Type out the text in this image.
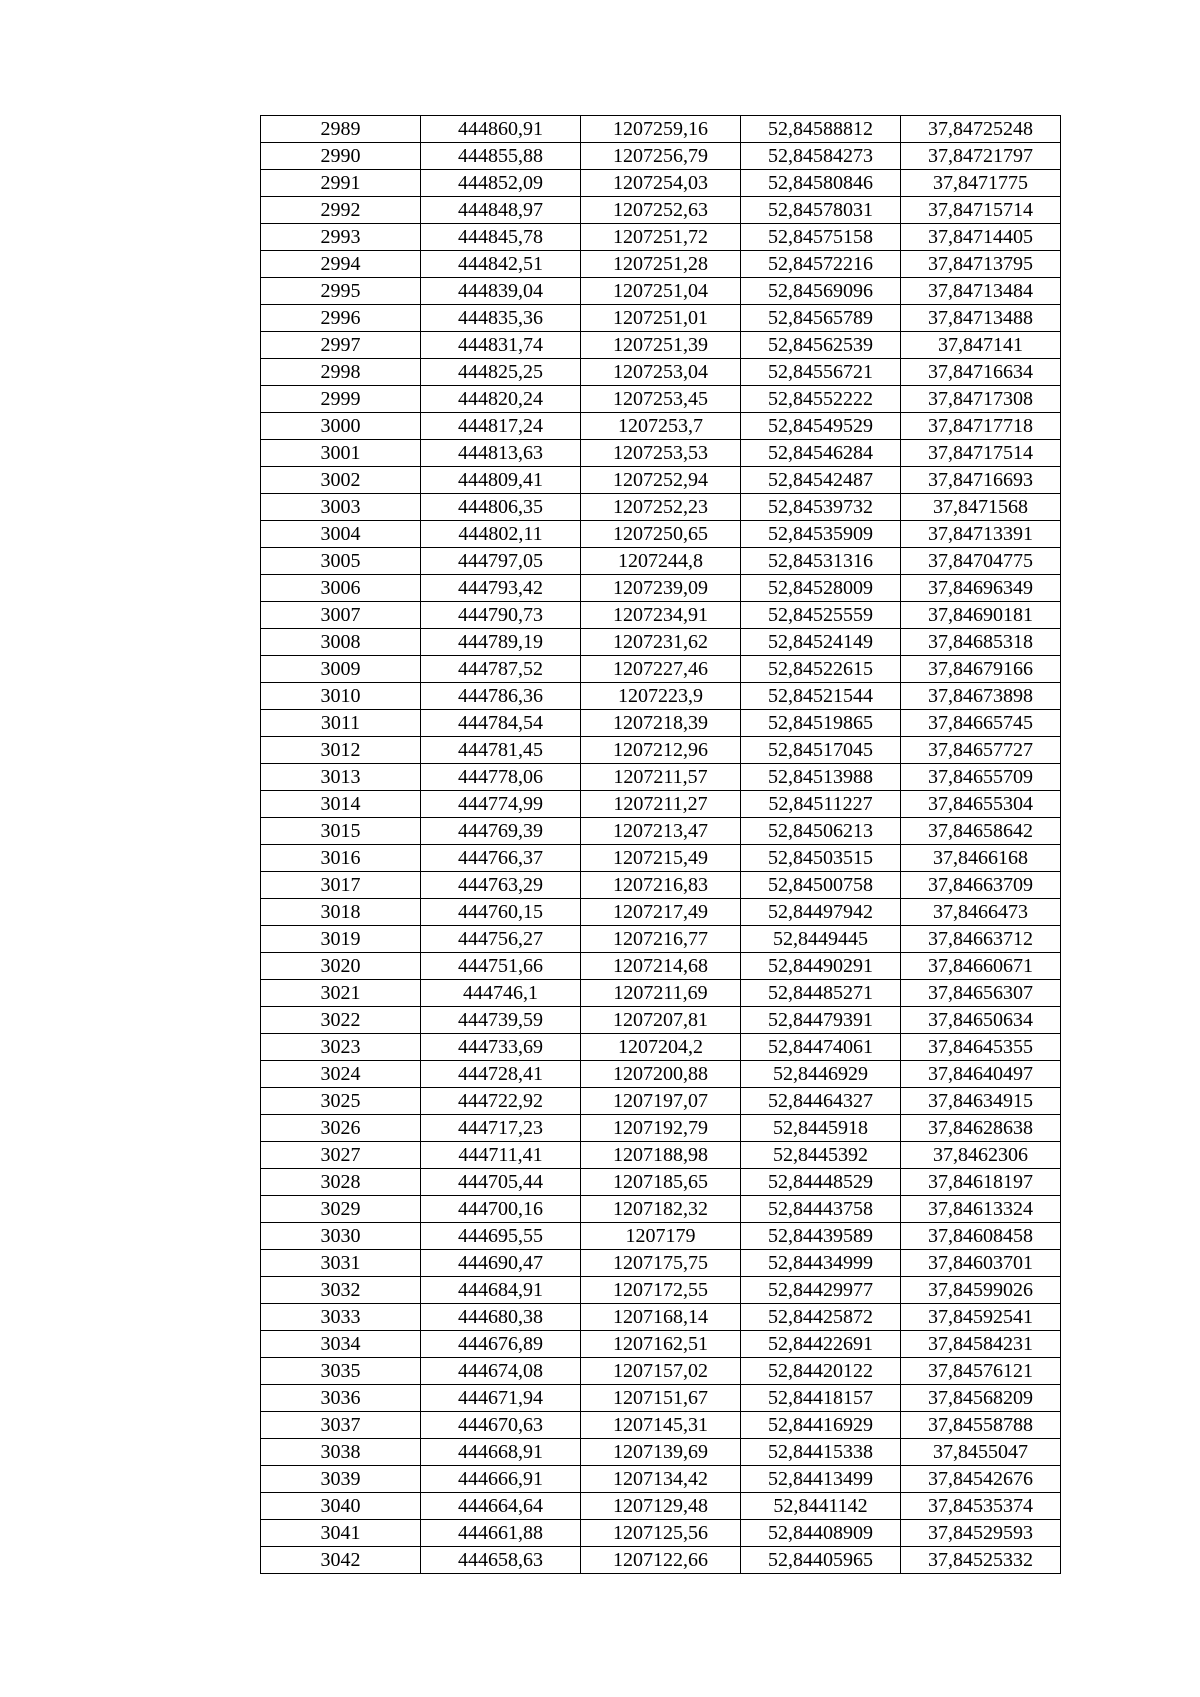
2989	444860,91	1207259,16	52,84588812	37,84725248
2990	444855,88	1207256,79	52,84584273	37,84721797
2991	444852,09	1207254,03	52,84580846	37,8471775
2992	444848,97	1207252,63	52,84578031	37,84715714
2993	444845,78	1207251,72	52,84575158	37,84714405
2994	444842,51	1207251,28	52,84572216	37,84713795
2995	444839,04	1207251,04	52,84569096	37,84713484
2996	444835,36	1207251,01	52,84565789	37,84713488
2997	444831,74	1207251,39	52,84562539	37,847141
2998	444825,25	1207253,04	52,84556721	37,84716634
2999	444820,24	1207253,45	52,84552222	37,84717308
3000	444817,24	1207253,7	52,84549529	37,84717718
3001	444813,63	1207253,53	52,84546284	37,84717514
3002	444809,41	1207252,94	52,84542487	37,84716693
3003	444806,35	1207252,23	52,84539732	37,8471568
3004	444802,11	1207250,65	52,84535909	37,84713391
3005	444797,05	1207244,8	52,84531316	37,84704775
3006	444793,42	1207239,09	52,84528009	37,84696349
3007	444790,73	1207234,91	52,84525559	37,84690181
3008	444789,19	1207231,62	52,84524149	37,84685318
3009	444787,52	1207227,46	52,84522615	37,84679166
3010	444786,36	1207223,9	52,84521544	37,84673898
3011	444784,54	1207218,39	52,84519865	37,84665745
3012	444781,45	1207212,96	52,84517045	37,84657727
3013	444778,06	1207211,57	52,84513988	37,84655709
3014	444774,99	1207211,27	52,84511227	37,84655304
3015	444769,39	1207213,47	52,84506213	37,84658642
3016	444766,37	1207215,49	52,84503515	37,8466168
3017	444763,29	1207216,83	52,84500758	37,84663709
3018	444760,15	1207217,49	52,84497942	37,8466473
3019	444756,27	1207216,77	52,8449445	37,84663712
3020	444751,66	1207214,68	52,84490291	37,84660671
3021	444746,1	1207211,69	52,84485271	37,84656307
3022	444739,59	1207207,81	52,84479391	37,84650634
3023	444733,69	1207204,2	52,84474061	37,84645355
3024	444728,41	1207200,88	52,8446929	37,84640497
3025	444722,92	1207197,07	52,84464327	37,84634915
3026	444717,23	1207192,79	52,8445918	37,84628638
3027	444711,41	1207188,98	52,8445392	37,8462306
3028	444705,44	1207185,65	52,84448529	37,84618197
3029	444700,16	1207182,32	52,84443758	37,84613324
3030	444695,55	1207179	52,84439589	37,84608458
3031	444690,47	1207175,75	52,84434999	37,84603701
3032	444684,91	1207172,55	52,84429977	37,84599026
3033	444680,38	1207168,14	52,84425872	37,84592541
3034	444676,89	1207162,51	52,84422691	37,84584231
3035	444674,08	1207157,02	52,84420122	37,84576121
3036	444671,94	1207151,67	52,84418157	37,84568209
3037	444670,63	1207145,31	52,84416929	37,84558788
3038	444668,91	1207139,69	52,84415338	37,8455047
3039	444666,91	1207134,42	52,84413499	37,84542676
3040	444664,64	1207129,48	52,8441142	37,84535374
3041	444661,88	1207125,56	52,84408909	37,84529593
3042	444658,63	1207122,66	52,84405965	37,84525332
